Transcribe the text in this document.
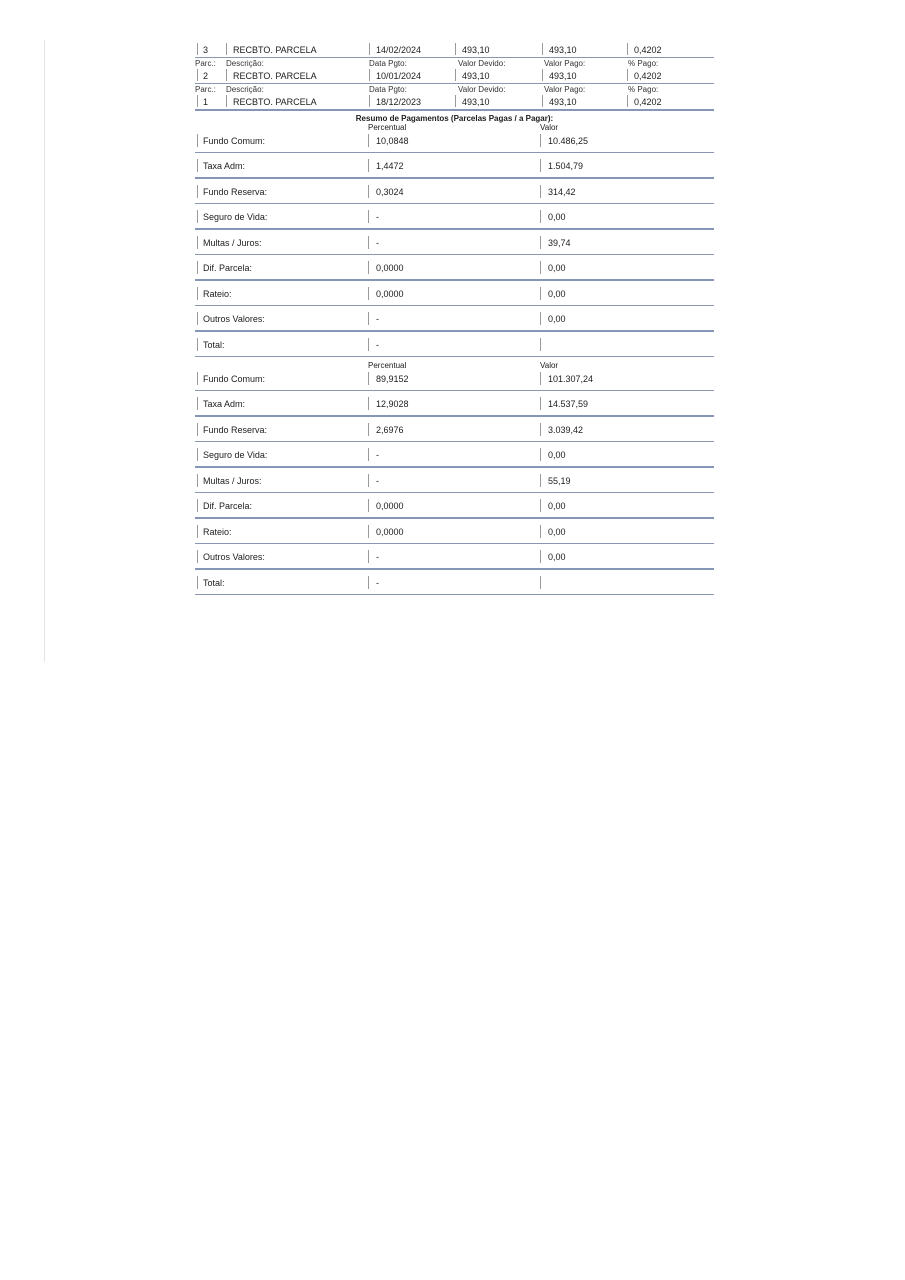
3	RECBTO. PARCELA	14/02/2024	493,10	493,10	0,4202
Parc.: Descrição:	Data Pgto:	Valor Devido:	Valor Pago:	% Pago:
2	RECBTO. PARCELA	10/01/2024	493,10	493,10	0,4202
Parc.: Descrição:	Data Pgto:	Valor Devido:	Valor Pago:	% Pago:
1	RECBTO. PARCELA	18/12/2023	493,10	493,10	0,4202
Resumo de Pagamentos (Parcelas Pagas / a Pagar):
Percentual	Valor
Fundo Comum:	10,0848	10.486,25
Taxa Adm:	1,4472	1.504,79
Fundo Reserva:	0,3024	314,42
Seguro de Vida:	-	0,00
Multas / Juros:	-	39,74
Dif. Parcela:	0,0000	0,00
Rateio:	0,0000	0,00
Outros Valores:	-	0,00
Total:	-
Percentual	Valor
Fundo Comum:	89,9152	101.307,24
Taxa Adm:	12,9028	14.537,59
Fundo Reserva:	2,6976	3.039,42
Seguro de Vida:	-	0,00
Multas / Juros:	-	55,19
Dif. Parcela:	0,0000	0,00
Rateio:	0,0000	0,00
Outros Valores:	-	0,00
Total:	-
